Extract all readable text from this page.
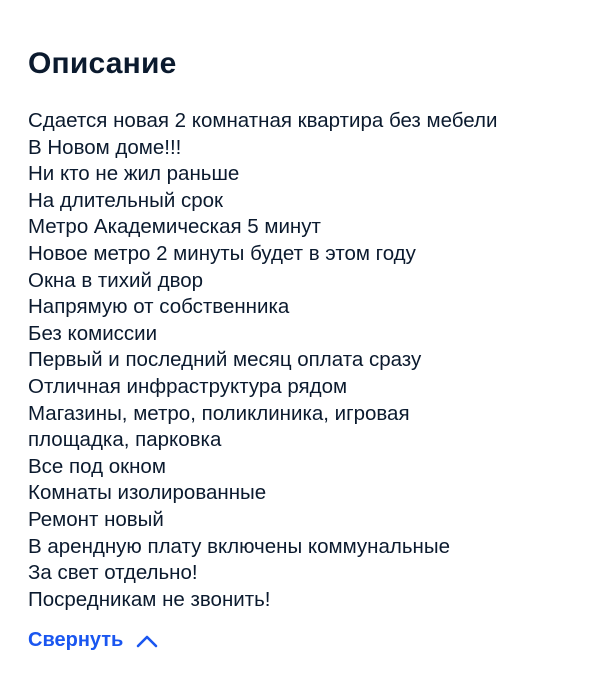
Описание
Сдается новая 2 комнатная квартира без мебели
В Новом доме!!!
Ни кто не жил раньше
На длительный срок
Метро Академическая 5 минут
Новое метро 2 минуты будет в этом году
Окна в тихий двор
Напрямую от собственника
Без комиссии
Первый и последний месяц оплата сразу
Отличная инфраструктура рядом
Магазины, метро, поликлиника, игровая
площадка, парковка
Все под окном
Комнаты изолированные
Ремонт новый
В арендную плату включены коммунальные
За свет отдельно!
Посредникам не звонить!
Свернуть
